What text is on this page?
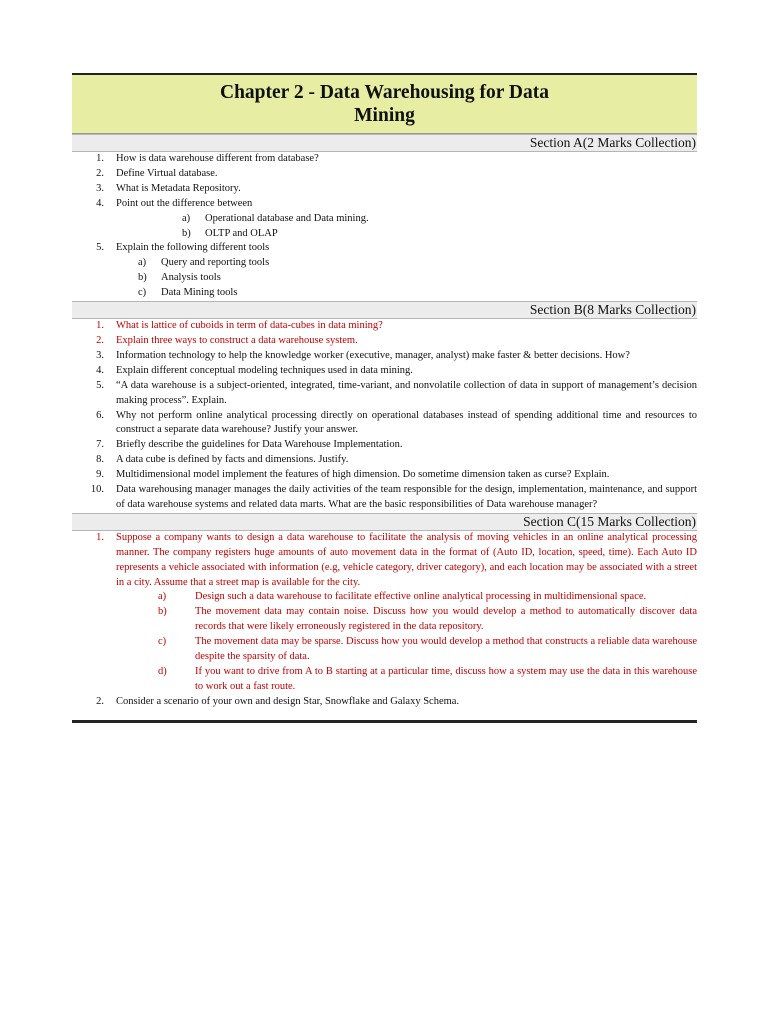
Chapter 2 - Data Warehousing for Data
Mining
Section A(2 Marks Collection)
1.	How is data warehouse different from database?
2.	Define Virtual database.
3.	What is Metadata Repository.
4.	Point out the difference between
a)	Operational database and Data mining.
b)	OLTP and OLAP
5.	Explain the following different tools
a)	Query and reporting tools
b)	Analysis tools
c)	Data Mining tools
Section B(8 Marks Collection)
1.	What is lattice of cuboids in term of data-cubes in data mining?
2.	Explain three ways to construct a data warehouse system.
3.	Information technology to help the knowledge worker (executive, manager, analyst) make faster & better decisions. How?
4.	Explain different conceptual modeling techniques used in data mining.
5.	“A data warehouse is a subject-oriented, integrated, time-variant, and nonvolatile collection of data in support of management’s decision making process”. Explain.
6.	Why not perform online analytical processing directly on operational databases instead of spending additional time and resources to construct a separate data warehouse? Justify your answer.
7.	Briefly describe the guidelines for Data Warehouse Implementation.
8.	A data cube is defined by facts and dimensions. Justify.
9.	Multidimensional model implement the features of high dimension. Do sometime dimension taken as curse? Explain.
10.	Data warehousing manager manages the daily activities of the team responsible for the design, implementation, maintenance, and support of data warehouse systems and related data marts. What are the basic responsibilities of Data warehouse manager?
Section C(15 Marks Collection)
1.	Suppose a company wants to design a data warehouse to facilitate the analysis of moving vehicles in an online analytical processing manner. The company registers huge amounts of auto movement data in the format of (Auto ID, location, speed, time). Each Auto ID represents a vehicle associated with information (e.g, vehicle category, driver category), and each location may be associated with a street in a city. Assume that a street map is available for the city.
a)	Design such a data warehouse to facilitate effective online analytical processing in multidimensional space.
b)	The movement data may contain noise. Discuss how you would develop a method to automatically discover data records that were likely erroneously registered in the data repository.
c)	The movement data may be sparse. Discuss how you would develop a method that constructs a reliable data warehouse despite the sparsity of data.
d)	If you want to drive from A to B starting at a particular time, discuss how a system may use the data in this warehouse to work out a fast route.
2.	Consider a scenario of your own and design Star, Snowflake and Galaxy Schema.
